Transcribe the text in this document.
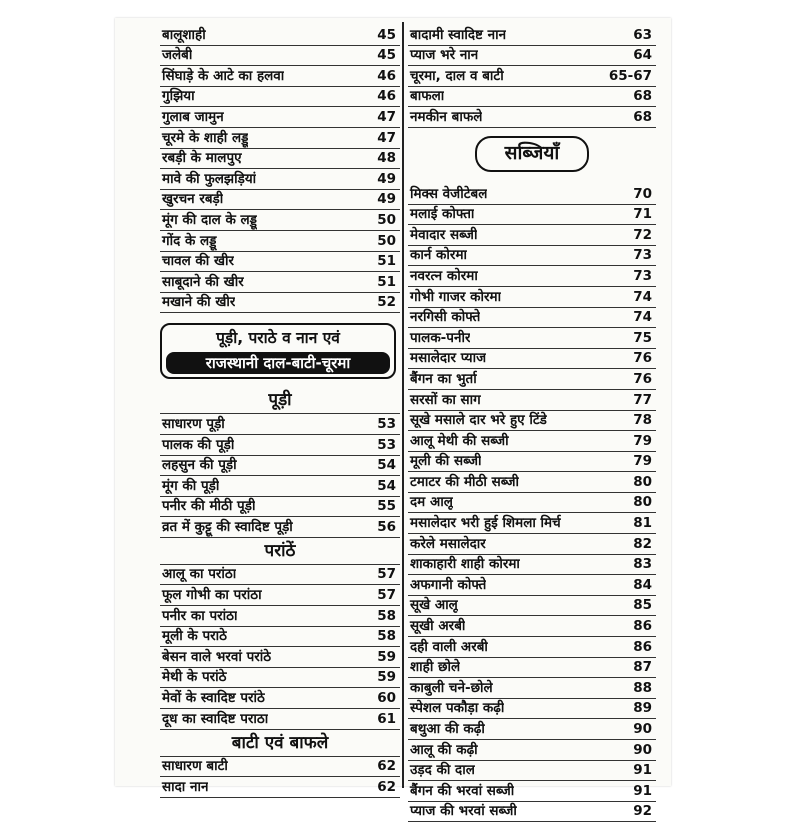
बालूशाही	45
जलेबी	45
सिंघाड़े के आटे का हलवा	46
गुझिया	46
गुलाब जामुन	47
चूरमे के शाही लड्डू	47
रबड़ी के मालपुए	48
मावे की फुलझड़ियां	49
खुरचन रबड़ी	49
मूंग की दाल के लड्डू	50
गोंद के लड्डू	50
चावल की खीर	51
साबूदाने की खीर	51
मखाने की खीर	52
पूड़ी, पराठे व नान एवं
राजस्थानी दाल-बाटी-चूरमा
पूड़ी
साधारण पूड़ी	53
पालक की पूड़ी	53
लहसुन की पूड़ी	54
मूंग की पूड़ी	54
पनीर की मीठी पूड़ी	55
व्रत में कुट्टू की स्वादिष्ट पूड़ी	56
परांठें
आलू का परांठा	57
फूल गोभी का परांठा	57
पनीर का परांठा	58
मूली के पराठे	58
बेसन वाले भरवां परांठे	59
मेथी के परांठे	59
मेवों के स्वादिष्ट परांठे	60
दूध का स्वादिष्ट पराठा	61
बाटी एवं बाफले
साधारण बाटी	62
सादा नान	62
बादामी स्वादिष्ट नान	63
प्याज भरे नान	64
चूरमा, दाल व बाटी	65-67
बाफला	68
नमकीन बाफले	68
सब्जियाँ
मिक्स वेजीटेबल	70
मलाई कोफ्ता	71
मेवादार सब्जी	72
कार्न कोरमा	73
नवरत्न कोरमा	73
गोभी गाजर कोरमा	74
नरगिसी कोफ्ते	74
पालक-पनीर	75
मसालेदार प्याज	76
बैंगन का भुर्ता	76
सरसों का साग	77
सूखे मसाले दार भरे हुए टिंडे	78
आलू मेथी की सब्जी	79
मूली की सब्जी	79
टमाटर की मीठी सब्जी	80
दम आलू	80
मसालेदार भरी हुई शिमला मिर्च	81
करेले मसालेदार	82
शाकाहारी शाही कोरमा	83
अफगानी कोफ्ते	84
सूखे आलू	85
सूखी अरबी	86
दही वाली अरबी	86
शाही छोले	87
काबुली चने-छोले	88
स्पेशल पकौड़ा कढ़ी	89
बथुआ की कढ़ी	90
आलू की कढ़ी	90
उड़द की दाल	91
बैंगन की भरवां सब्जी	91
प्याज की भरवां सब्जी	92
